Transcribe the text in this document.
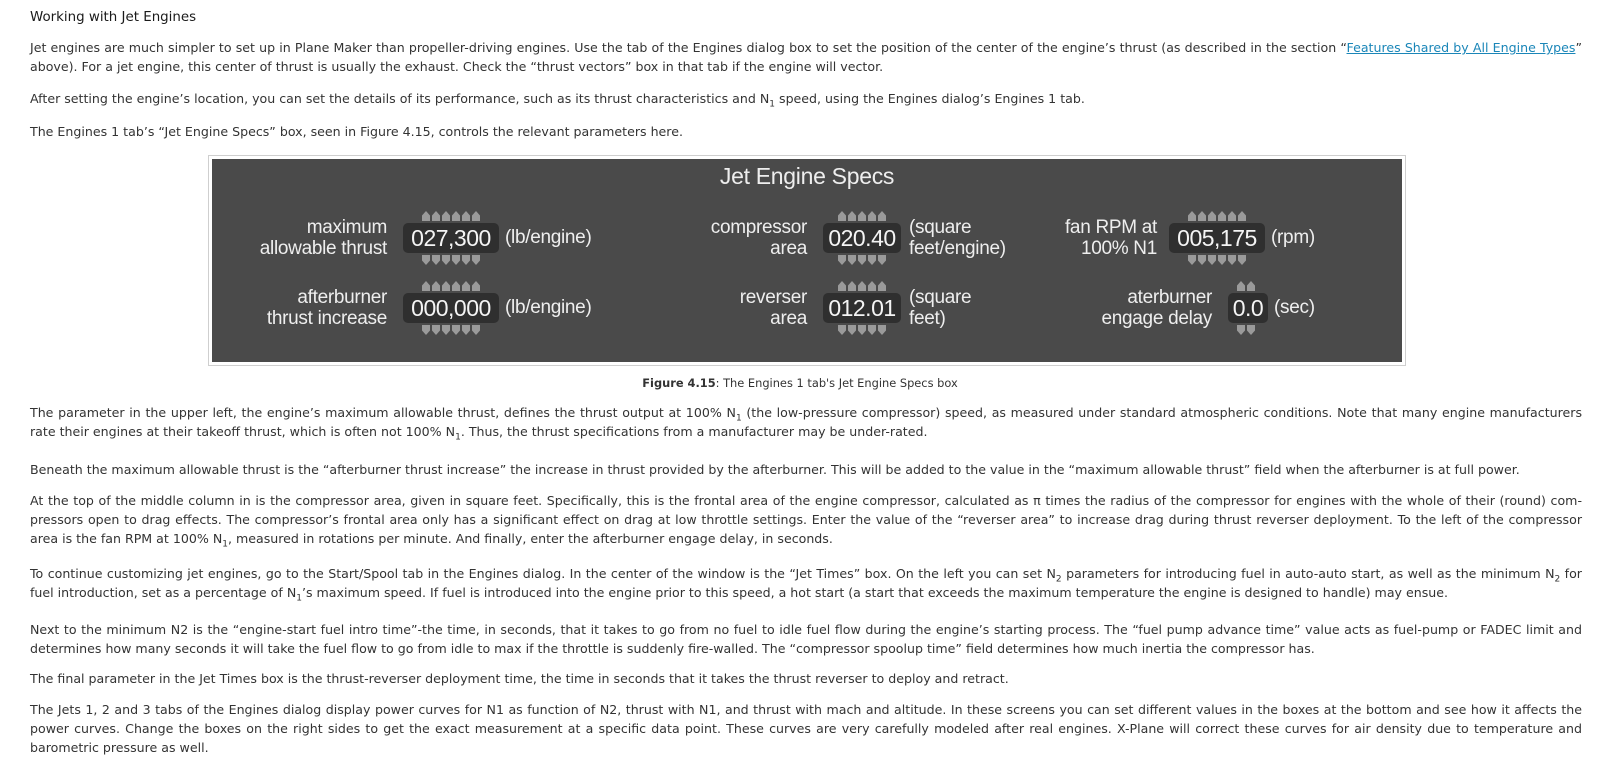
Working with Jet Engines

Jet engines are much simpler to set up in Plane Maker than propeller-driving engines. Use the tab of the Engines dialog box to set the position of the center of the engine’s thrust (as described in the section “Features Shared by All Engine Types” above). For a jet engine, this center of thrust is usually the exhaust. Check the “thrust vectors” box in that tab if the engine will vector.

After setting the engine’s location, you can set the details of its performance, such as its thrust characteristics and $N_1$ speed, using the Engines dialog’s Engines 1 tab.

The Engines 1 tab’s “Jet Engine Specs” box, seen in Figure 4.15, controls the relevant parameters here.

Jet Engine Specs
maximum
allowable thrust	027,300 (lb/engine)
afterburner
thrust increase	000,000 (lb/engine)
compressor
area 020.40 (square
feet/engine)
reverser
area 012.01 (square
feet)
fan RPM at
100% N1 005,175 (rpm)
aterburner
engage delay 0.0 (sec)
Figure 4.15: The Engines 1 tab's Jet Engine Specs box

The parameter in the upper left, the engine’s maximum allowable thrust, defines the thrust output at 100% $N_1$ (the low-pressure compressor) speed, as measured under standard atmospheric conditions. Note that many engine manufacturers rate their engines at their takeoff thrust, which is often not 100% $N_1$. Thus, the thrust specifications from a manufacturer may be under-rated.

Beneath the maximum allowable thrust is the “afterburner thrust increase” the increase in thrust provided by the afterburner. This will be added to the value in the “maximum allowable thrust” field when the afterburner is at full power.

At the top of the middle column in is the compressor area, given in square feet. Specifically, this is the frontal area of the engine compressor, calculated as π times the radius of the compressor for engines with the whole of their (round) com- pressors open to drag effects. The compressor’s frontal area only has a significant effect on drag at low throttle settings. Enter the value of the “reverser area” to increase drag during thrust reverser deployment. To the left of the compressor area is the fan RPM at 100% $N_1$, measured in rotations per minute. And finally, enter the afterburner engage delay, in seconds.

To continue customizing jet engines, go to the Start/Spool tab in the Engines dialog. In the center of the window is the “Jet Times” box. On the left you can set $N_2$ parameters for introducing fuel in auto-auto start, as well as the minimum $N_2$ for fuel introduction, set as a percentage of $N_1’s$ maximum speed. If fuel is introduced into the engine prior to this speed, a hot start (a start that exceeds the maximum temperature the engine is designed to handle) may ensue.

Next to the minimum N2 is the “engine-start fuel intro time”-the time, in seconds, that it takes to go from no fuel to idle fuel flow during the engine’s starting process. The “fuel pump advance time” value acts as fuel-pump or FADEC limit and determines how many seconds it will take the fuel flow to go from idle to max if the throttle is suddenly fire-walled. The “compressor spoolup time” field determines how much inertia the compressor has.

The final parameter in the Jet Times box is the thrust-reverser deployment time, the time in seconds that it takes the thrust reverser to deploy and retract.

The Jets 1, 2 and 3 tabs of the Engines dialog display power curves for N1 as function of N2, thrust with N1, and thrust with mach and altitude. In these screens you can set different values in the boxes at the bottom and see how it affects the power curves. Change the boxes on the right sides to get the exact measurement at a specific data point. These curves are very carefully modeled after real engines. X-Plane will correct these curves for air density due to temperature and barometric pressure as well.
